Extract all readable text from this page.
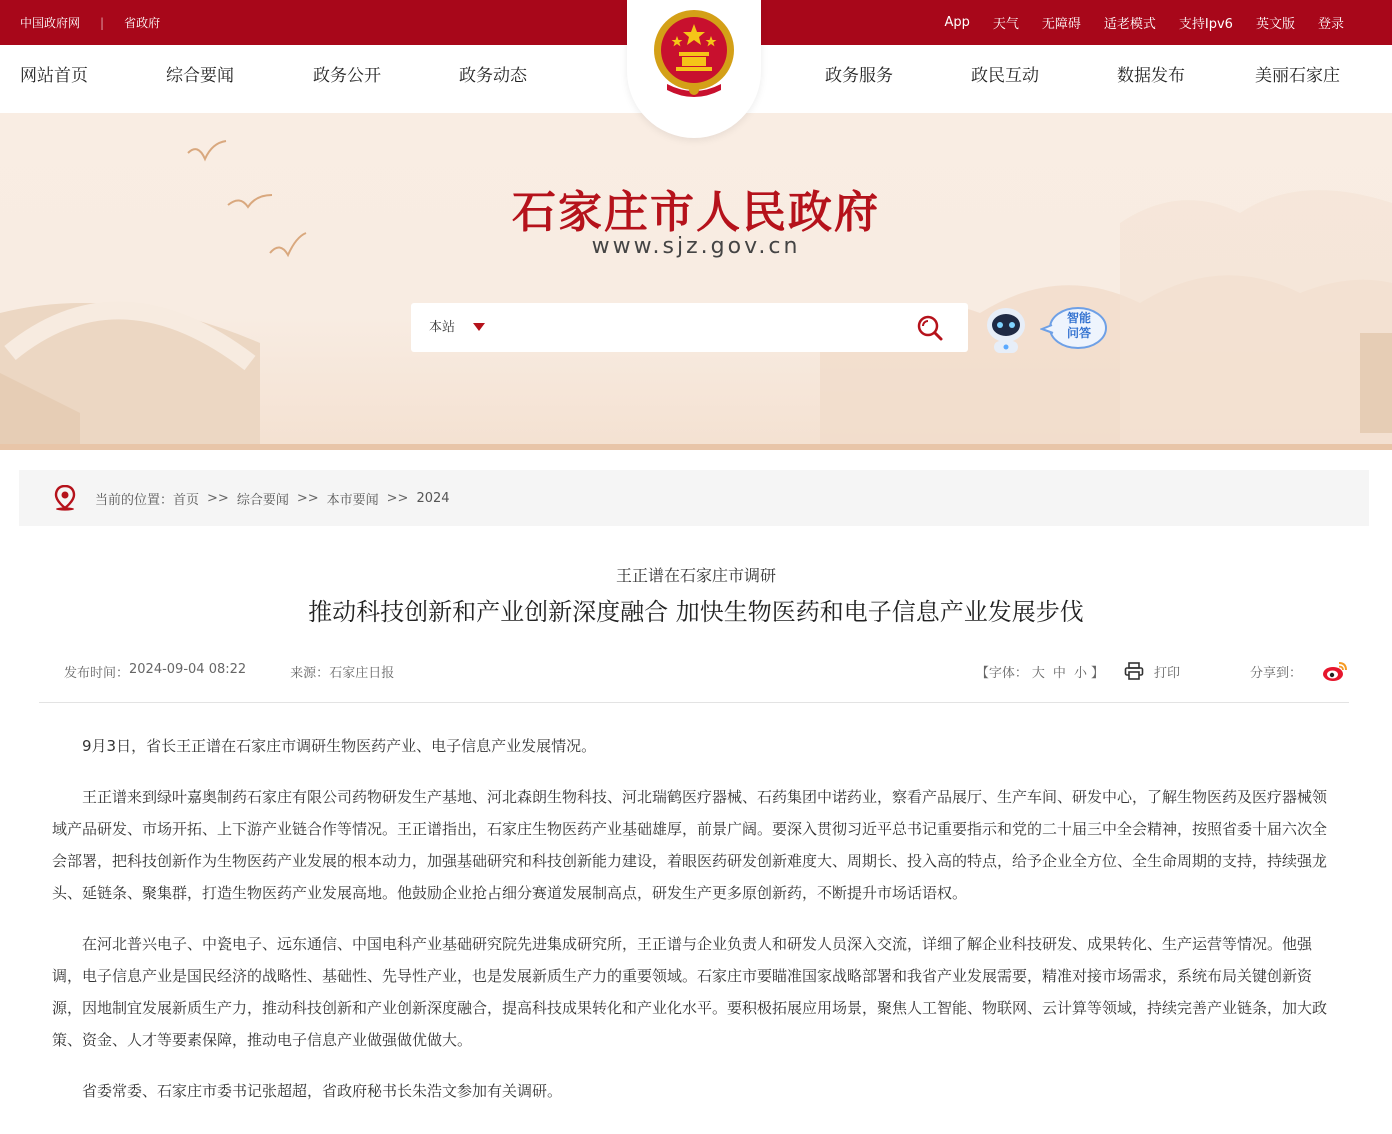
中国政府网 | 省政府	App 天气 无障碍 适老模式 支持Ipv6 英文版 登录
网站首页	综合要闻	政务公开	政务动态	政务服务	政民互动	数据发布	美丽石家庄
石家庄市人民政府
www.sjz.gov.cn
本站
智能问答
当前的位置： 首页 >> 综合要闻 >> 本市要闻 >> 2024
王正谱在石家庄市调研
推动科技创新和产业创新深度融合 加快生物医药和电子信息产业发展步伐
发布时间： 2024-09-04 08:22	来源： 石家庄日报	【字体： 大 中 小 】	打印	分享到：

9月3日，省长王正谱在石家庄市调研生物医药产业、电子信息产业发展情况。

王正谱来到绿叶嘉奥制药石家庄有限公司药物研发生产基地、河北森朗生物科技、河北瑞鹤医疗器械、石药集团中诺药业，察看产品展厅、生产车间、研发中心，了解生物医药及医疗器械领域产品研发、市场开拓、上下游产业链合作等情况。王正谱指出，石家庄生物医药产业基础雄厚，前景广阔。要深入贯彻习近平总书记重要指示和党的二十届三中全会精神，按照省委十届六次全会部署，把科技创新作为生物医药产业发展的根本动力，加强基础研究和科技创新能力建设，着眼医药研发创新难度大、周期长、投入高的特点，给予企业全方位、全生命周期的支持，持续强龙头、延链条、聚集群，打造生物医药产业发展高地。他鼓励企业抢占细分赛道发展制高点，研发生产更多原创新药，不断提升市场话语权。

在河北普兴电子、中瓷电子、远东通信、中国电科产业基础研究院先进集成研究所，王正谱与企业负责人和研发人员深入交流，详细了解企业科技研发、成果转化、生产运营等情况。他强调，电子信息产业是国民经济的战略性、基础性、先导性产业，也是发展新质生产力的重要领域。石家庄市要瞄准国家战略部署和我省产业发展需要，精准对接市场需求，系统布局关键创新资源，因地制宜发展新质生产力，推动科技创新和产业创新深度融合，提高科技成果转化和产业化水平。要积极拓展应用场景，聚焦人工智能、物联网、云计算等领域，持续完善产业链条，加大政策、资金、人才等要素保障，推动电子信息产业做强做优做大。

省委常委、石家庄市委书记张超超，省政府秘书长朱浩文参加有关调研。
